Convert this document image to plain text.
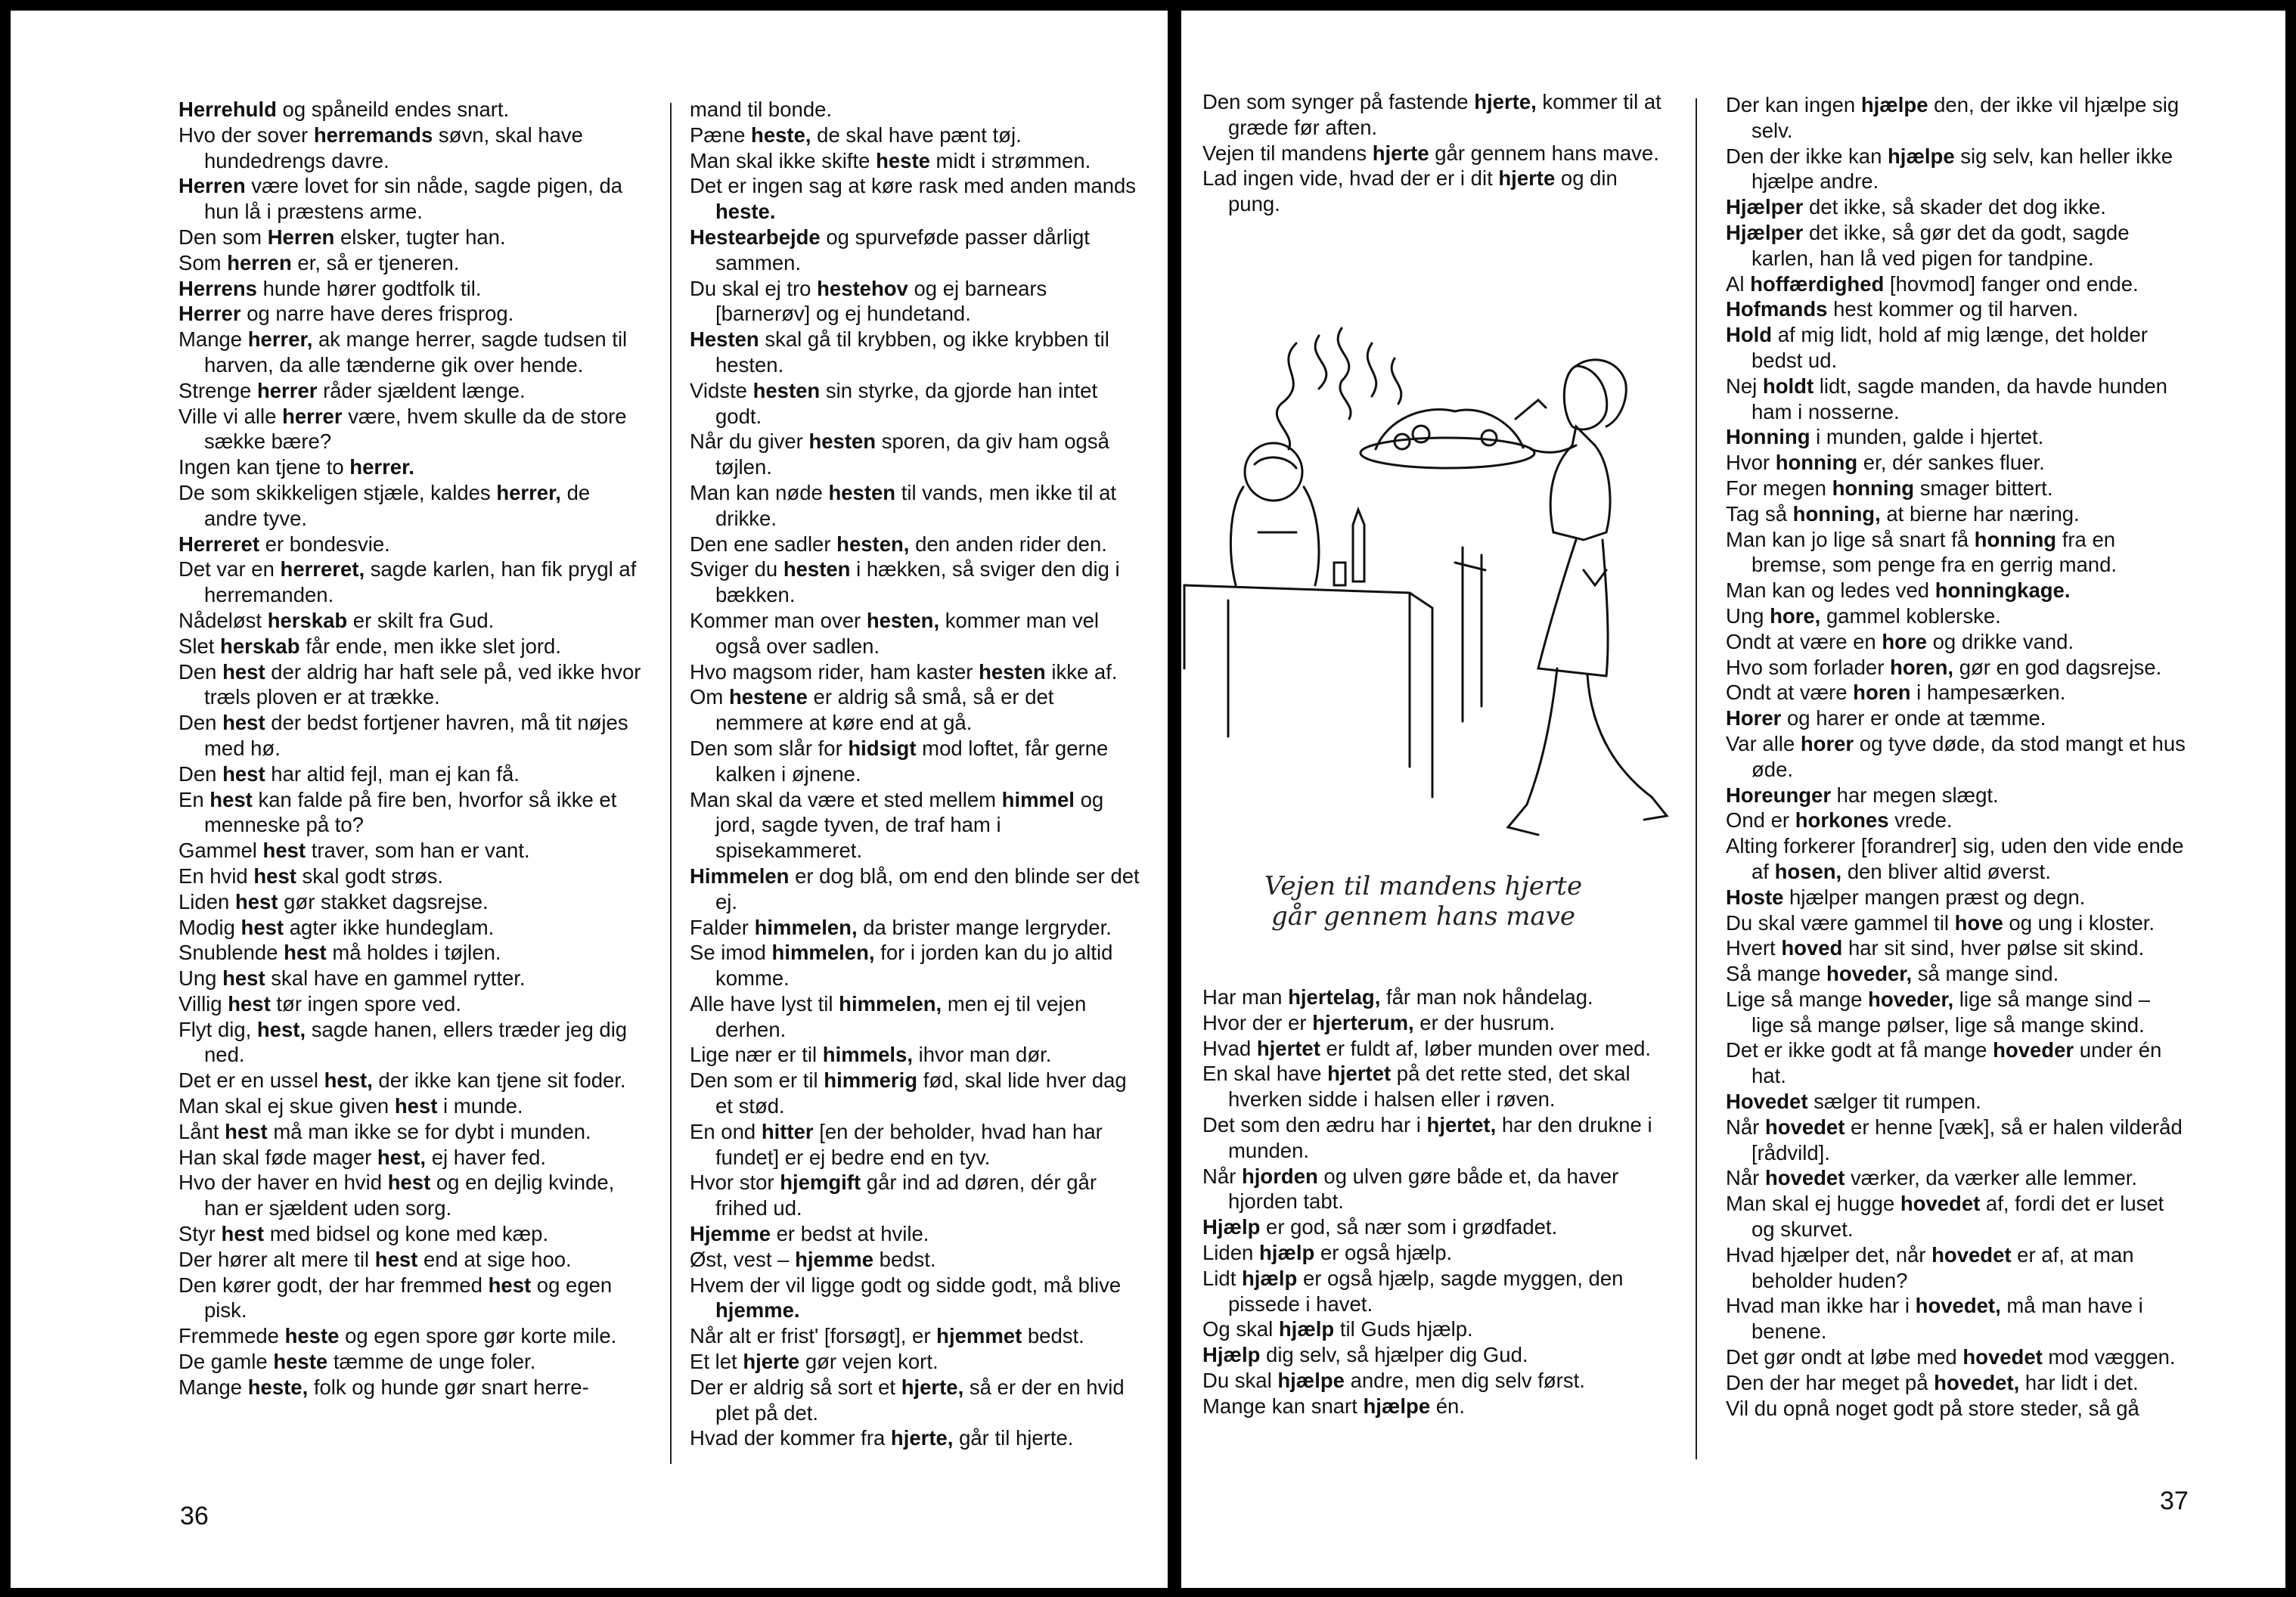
Herrehuld og spåneild endes snart.

Hvo der sover herremands søvn, skal have hundedrengs davre.

Herren være lovet for sin nåde, sagde pigen, da hun lå i præstens arme.

Den som Herren elsker, tugter han.

Som herren er, så er tjeneren.

Herrens hunde hører godtfolk til.

Herrer og narre have deres frisprog.

Mange herrer, ak mange herrer, sagde tudsen til harven, da alle tænderne gik over hende.

Strenge herrer råder sjældent længe.

Ville vi alle herrer være, hvem skulle da de store sække bære?

Ingen kan tjene to herrer.

De som skikkeligen stjæle, kaldes herrer, de andre tyve.

Herreret er bondesvie.

Det var en herreret, sagde karlen, han fik prygl af herremanden.

Nådeløst herskab er skilt fra Gud.

Slet herskab får ende, men ikke slet jord.

Den hest der aldrig har haft sele på, ved ikke hvor træls ploven er at trække.

Den hest der bedst fortjener havren, må tit nøjes med hø.

Den hest har altid fejl, man ej kan få.

En hest kan falde på fire ben, hvorfor så ikke et menneske på to?

Gammel hest traver, som han er vant.

En hvid hest skal godt strøs.

Liden hest gør stakket dagsrejse.

Modig hest agter ikke hundeglam.

Snublende hest må holdes i tøjlen.

Ung hest skal have en gammel rytter.

Villig hest tør ingen spore ved.

Flyt dig, hest, sagde hanen, ellers træder jeg dig ned.

Det er en ussel hest, der ikke kan tjene sit foder.

Man skal ej skue given hest i munde.

Lånt hest må man ikke se for dybt i munden.

Han skal føde mager hest, ej haver fed.

Hvo der haver en hvid hest og en dejlig kvinde, han er sjældent uden sorg.

Styr hest med bidsel og kone med kæp.

Der hører alt mere til hest end at sige hoo.

Den kører godt, der har fremmed hest og egen pisk.

Fremmede heste og egen spore gør korte mile.

De gamle heste tæmme de unge foler.

Mange heste, folk og hunde gør snart herre-

mand til bonde.

Pæne heste, de skal have pænt tøj.

Man skal ikke skifte heste midt i strømmen.

Det er ingen sag at køre rask med anden mands heste.

Hestearbejde og spurveføde passer dårligt sammen.

Du skal ej tro hestehov og ej barnears [barnerøv] og ej hundetand.

Hesten skal gå til krybben, og ikke krybben til hesten.

Vidste hesten sin styrke, da gjorde han intet godt.

Når du giver hesten sporen, da giv ham også tøjlen.

Man kan nøde hesten til vands, men ikke til at drikke.

Den ene sadler hesten, den anden rider den.

Sviger du hesten i hækken, så sviger den dig i bækken.

Kommer man over hesten, kommer man vel også over sadlen.

Hvo magsom rider, ham kaster hesten ikke af.

Om hestene er aldrig så små, så er det nemmere at køre end at gå.

Den som slår for hidsigt mod loftet, får gerne kalken i øjnene.

Man skal da være et sted mellem himmel og jord, sagde tyven, de traf ham i spisekammeret.

Himmelen er dog blå, om end den blinde ser det ej.

Falder himmelen, da brister mange lergryder.

Se imod himmelen, for i jorden kan du jo altid komme.

Alle have lyst til himmelen, men ej til vejen derhen.

Lige nær er til himmels, ihvor man dør.

Den som er til himmerig fød, skal lide hver dag et stød.

En ond hitter [en der beholder, hvad han har fundet] er ej bedre end en tyv.

Hvor stor hjemgift går ind ad døren, dér går frihed ud.

Hjemme er bedst at hvile.

Øst, vest – hjemme bedst.

Hvem der vil ligge godt og sidde godt, må blive hjemme.

Når alt er frist' [forsøgt], er hjemmet bedst.

Et let hjerte gør vejen kort.

Der er aldrig så sort et hjerte, så er der en hvid plet på det.

Hvad der kommer fra hjerte, går til hjerte.

36

Den som synger på fastende hjerte, kommer til at græde før aften.

Vejen til mandens hjerte går gennem hans mave.

Lad ingen vide, hvad der er i dit hjerte og din pung.

Vejen til mandens hjerte
går gennem hans mave

Har man hjertelag, får man nok håndelag.

Hvor der er hjerterum, er der husrum.

Hvad hjertet er fuldt af, løber munden over med.

En skal have hjertet på det rette sted, det skal hverken sidde i halsen eller i røven.

Det som den ædru har i hjertet, har den drukne i munden.

Når hjorden og ulven gøre både et, da haver hjorden tabt.

Hjælp er god, så nær som i grødfadet.

Liden hjælp er også hjælp.

Lidt hjælp er også hjælp, sagde myggen, den pissede i havet.

Og skal hjælp til Guds hjælp.

Hjælp dig selv, så hjælper dig Gud.

Du skal hjælpe andre, men dig selv først.

Mange kan snart hjælpe én.

Der kan ingen hjælpe den, der ikke vil hjælpe sig selv.

Den der ikke kan hjælpe sig selv, kan heller ikke hjælpe andre.

Hjælper det ikke, så skader det dog ikke.

Hjælper det ikke, så gør det da godt, sagde karlen, han lå ved pigen for tandpine.

Al hoffærdighed [hovmod] fanger ond ende.

Hofmands hest kommer og til harven.

Hold af mig lidt, hold af mig længe, det holder bedst ud.

Nej holdt lidt, sagde manden, da havde hunden ham i nosserne.

Honning i munden, galde i hjertet.

Hvor honning er, dér sankes fluer.

For megen honning smager bittert.

Tag så honning, at bierne har næring.

Man kan jo lige så snart få honning fra en bremse, som penge fra en gerrig mand.

Man kan og ledes ved honningkage.

Ung hore, gammel koblerske.

Ondt at være en hore og drikke vand.

Hvo som forlader horen, gør en god dagsrejse.

Ondt at være horen i hampesærken.

Horer og harer er onde at tæmme.

Var alle horer og tyve døde, da stod mangt et hus øde.

Horeunger har megen slægt.

Ond er horkones vrede.

Alting forkerer [forandrer] sig, uden den vide ende af hosen, den bliver altid øverst.

Hoste hjælper mangen præst og degn.

Du skal være gammel til hove og ung i kloster.

Hvert hoved har sit sind, hver pølse sit skind.

Så mange hoveder, så mange sind.

Lige så mange hoveder, lige så mange sind – lige så mange pølser, lige så mange skind.

Det er ikke godt at få mange hoveder under én hat.

Hovedet sælger tit rumpen.

Når hovedet er henne [væk], så er halen vilderåd [rådvild].

Når hovedet værker, da værker alle lemmer.

Man skal ej hugge hovedet af, fordi det er luset og skurvet.

Hvad hjælper det, når hovedet er af, at man beholder huden?

Hvad man ikke har i hovedet, må man have i benene.

Det gør ondt at løbe med hovedet mod væggen.

Den der har meget på hovedet, har lidt i det.

Vil du opnå noget godt på store steder, så gå

37
